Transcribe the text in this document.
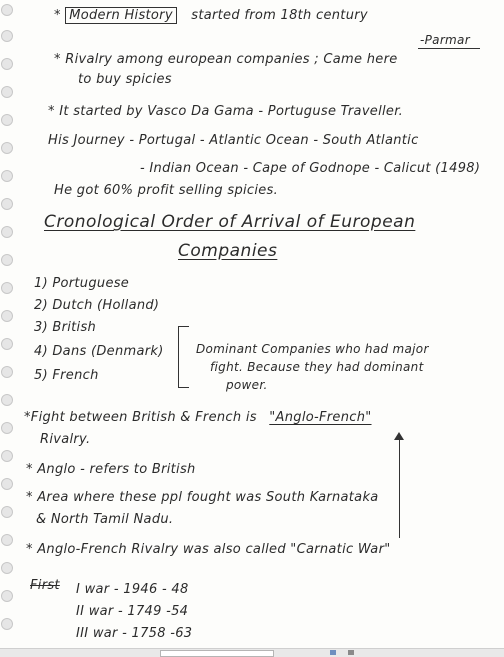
* Modern History started from 18th century
-Parmar
* Rivalry among european companies ; Came here
to buy spicies
* It started by Vasco Da Gama - Portuguse Traveller.
His Journey - Portugal - Atlantic Ocean - South Atlantic
- Indian Ocean - Cape of Godnope - Calicut (1498)
He got 60% profit selling spicies.
Cronological Order of Arrival of European
Companies
1) Portuguese
2) Dutch (Holland)
3) British
4) Dans (Denmark)
5) French
Dominant Companies who had major
fight. Because they had dominant
power.
*Fight between British & French is "Anglo-French"
Rivalry.
* Anglo - refers to British
* Area where these ppl fought was South Karnataka
& North Tamil Nadu.
* Anglo-French Rivalry was also called "Carnatic War"
First I war - 1946 - 48
II war - 1749 -54
III war - 1758 -63
